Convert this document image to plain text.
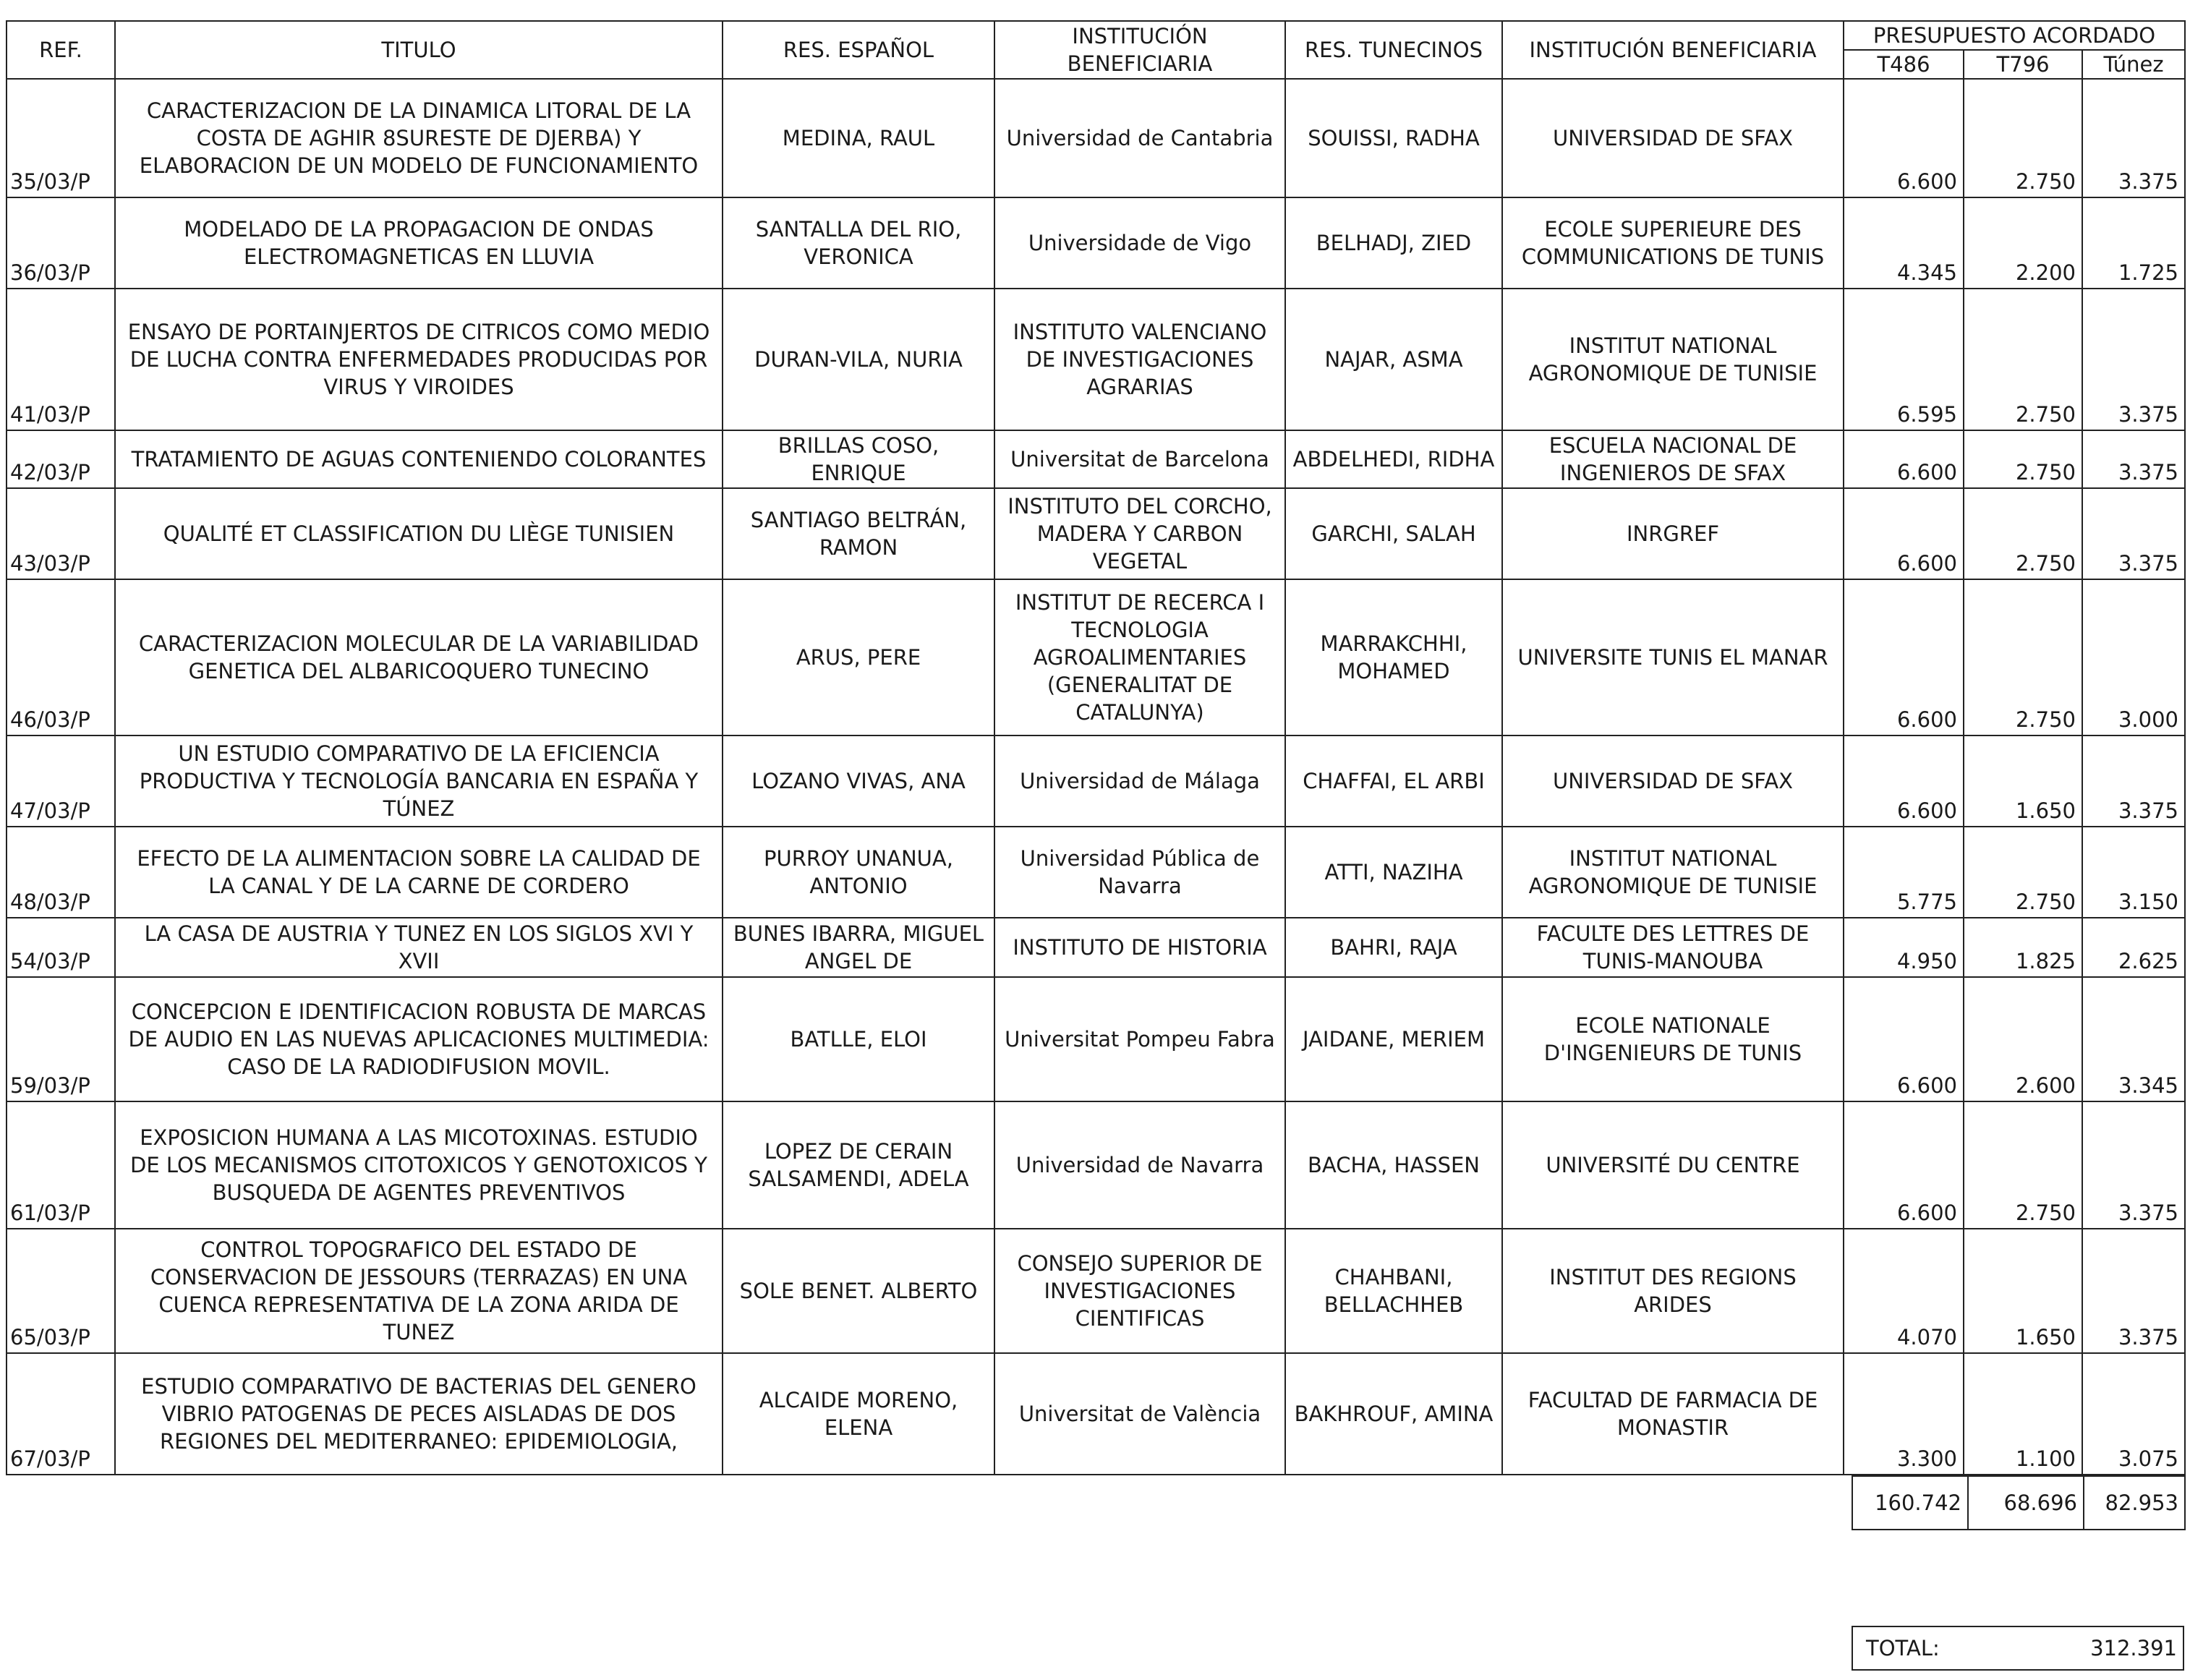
REF.	TITULO	RES. ESPAÑOL	INSTITUCIÓN BENEFICIARIA	RES. TUNECINOS	INSTITUCIÓN BENEFICIARIA	PRESUPUESTO ACORDADO		
						T486	T796	Túnez
35/03/P	CARACTERIZACION DE LA DINAMICA LITORAL DE LA COSTA DE AGHIR 8SURESTE DE DJERBA) Y ELABORACION DE UN MODELO DE FUNCIONAMIENTO	MEDINA, RAUL	Universidad de Cantabria	SOUISSI, RADHA	UNIVERSIDAD DE SFAX	6.600	2.750	3.375
36/03/P	MODELADO DE LA PROPAGACION DE ONDAS ELECTROMAGNETICAS EN LLUVIA	SANTALLA DEL RIO, VERONICA	Universidade de Vigo	BELHADJ, ZIED	ECOLE SUPERIEURE DES COMMUNICATIONS DE TUNIS	4.345	2.200	1.725
41/03/P	ENSAYO DE PORTAINJERTOS DE CITRICOS COMO MEDIO DE LUCHA CONTRA ENFERMEDADES PRODUCIDAS POR VIRUS Y VIROIDES	DURAN-VILA, NURIA	INSTITUTO VALENCIANO DE INVESTIGACIONES AGRARIAS	NAJAR, ASMA	INSTITUT NATIONAL AGRONOMIQUE DE TUNISIE	6.595	2.750	3.375
42/03/P	TRATAMIENTO DE AGUAS CONTENIENDO COLORANTES	BRILLAS COSO, ENRIQUE	Universitat de Barcelona	ABDELHEDI, RIDHA	ESCUELA NACIONAL DE INGENIEROS DE SFAX	6.600	2.750	3.375
43/03/P	QUALITÉ ET CLASSIFICATION DU LIÈGE TUNISIEN	SANTIAGO BELTRÁN, RAMON	INSTITUTO DEL CORCHO, MADERA Y CARBON VEGETAL	GARCHI, SALAH	INRGREF	6.600	2.750	3.375
46/03/P	CARACTERIZACION MOLECULAR DE LA VARIABILIDAD GENETICA DEL ALBARICOQUERO TUNECINO	ARUS, PERE	INSTITUT DE RECERCA I TECNOLOGIA AGROALIMENTARIES (GENERALITAT DE CATALUNYA)	MARRAKCHHI, MOHAMED	UNIVERSITE TUNIS EL MANAR	6.600	2.750	3.000
47/03/P	UN ESTUDIO COMPARATIVO DE LA EFICIENCIA PRODUCTIVA Y TECNOLOGÍA BANCARIA EN ESPAÑA Y TÚNEZ	LOZANO VIVAS, ANA	Universidad de Málaga	CHAFFAI, EL ARBI	UNIVERSIDAD DE SFAX	6.600	1.650	3.375
48/03/P	EFECTO DE LA ALIMENTACION SOBRE LA CALIDAD DE LA CANAL Y DE LA CARNE DE CORDERO	PURROY UNANUA, ANTONIO	Universidad Pública de Navarra	ATTI, NAZIHA	INSTITUT NATIONAL AGRONOMIQUE DE TUNISIE	5.775	2.750	3.150
54/03/P	LA CASA DE AUSTRIA Y TUNEZ EN LOS SIGLOS XVI Y XVII	BUNES IBARRA, MIGUEL ANGEL DE	INSTITUTO DE HISTORIA	BAHRI, RAJA	FACULTE DES LETTRES DE TUNIS-MANOUBA	4.950	1.825	2.625
59/03/P	CONCEPCION E IDENTIFICACION ROBUSTA DE MARCAS DE AUDIO EN LAS NUEVAS APLICACIONES MULTIMEDIA: CASO DE LA RADIODIFUSION MOVIL.	BATLLE, ELOI	Universitat Pompeu Fabra	JAIDANE, MERIEM	ECOLE NATIONALE D'INGENIEURS DE TUNIS	6.600	2.600	3.345
61/03/P	EXPOSICION HUMANA A LAS MICOTOXINAS. ESTUDIO DE LOS MECANISMOS CITOTOXICOS Y GENOTOXICOS Y BUSQUEDA DE AGENTES PREVENTIVOS	LOPEZ DE CERAIN SALSAMENDI, ADELA	Universidad de Navarra	BACHA, HASSEN	UNIVERSITÉ DU CENTRE	6.600	2.750	3.375
65/03/P	CONTROL TOPOGRAFICO DEL ESTADO DE CONSERVACION DE JESSOURS (TERRAZAS) EN UNA CUENCA REPRESENTATIVA DE LA ZONA ARIDA DE TUNEZ	SOLE BENET. ALBERTO	CONSEJO SUPERIOR DE INVESTIGACIONES CIENTIFICAS	CHAHBANI, BELLACHHEB	INSTITUT DES REGIONS ARIDES	4.070	1.650	3.375
67/03/P	ESTUDIO COMPARATIVO DE BACTERIAS DEL GENERO VIBRIO PATOGENAS DE PECES AISLADAS DE DOS REGIONES DEL MEDITERRANEO: EPIDEMIOLOGIA,	ALCAIDE MORENO, ELENA	Universitat de València	BAKHROUF, AMINA	FACULTAD DE FARMACIA DE MONASTIR	3.300	1.100	3.075
160.742	68.696	82.953
TOTAL:	312.391
